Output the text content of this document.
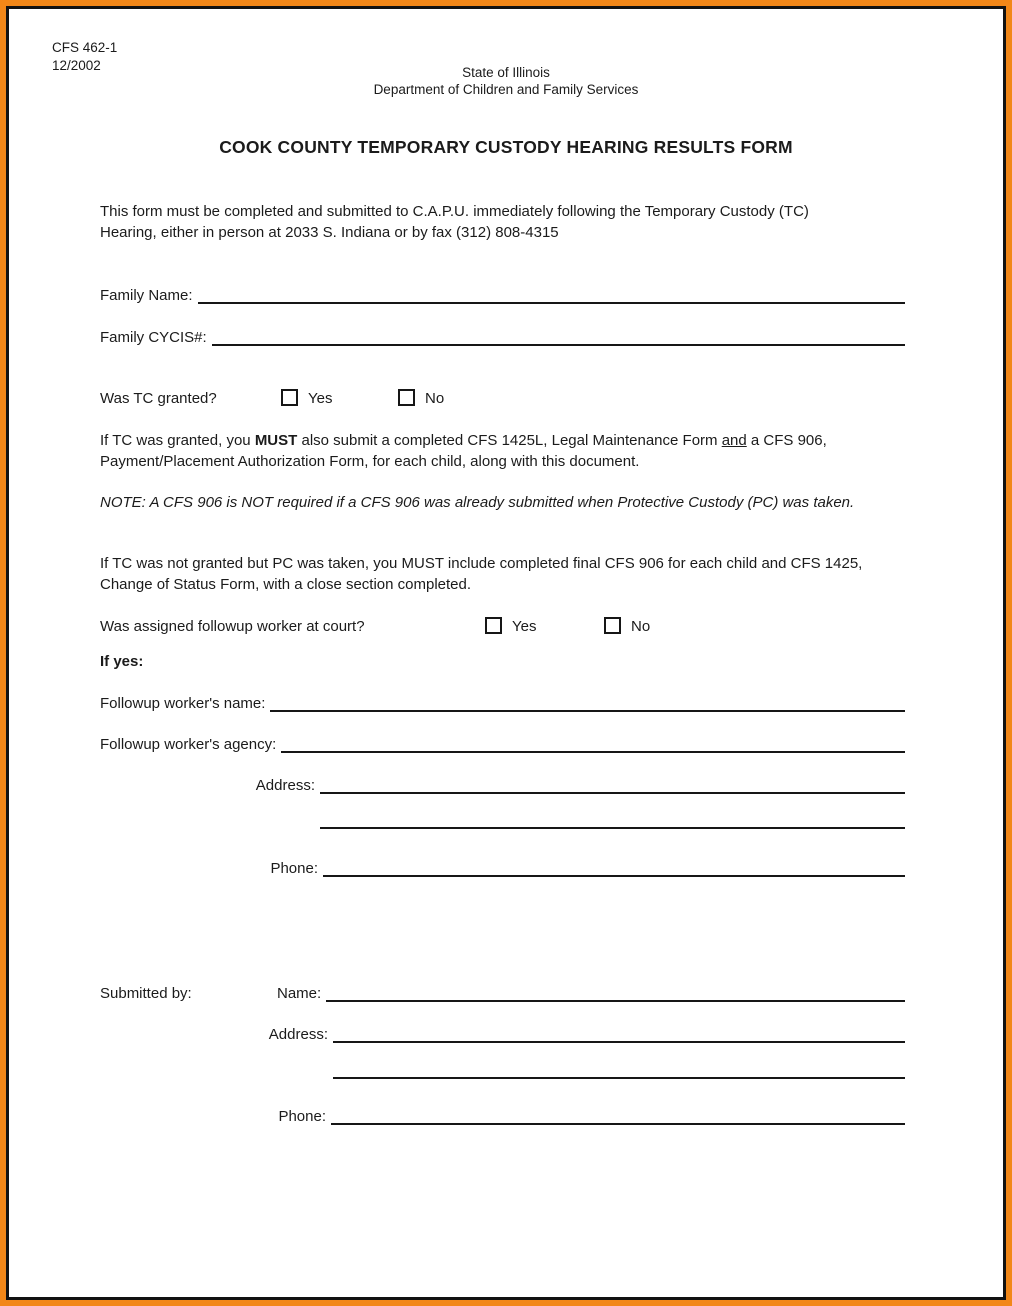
CFS 462-1
12/2002	State of Illinois
Department of Children and Family Services
COOK COUNTY TEMPORARY CUSTODY HEARING RESULTS FORM

This form must be completed and submitted to C.A.P.U. immediately following the Temporary Custody (TC) Hearing, either in person at 2033 S. Indiana or by fax (312) 808-4315

Family Name:
Family CYCIS#:
Was TC granted?	Yes	No

If TC was granted, you MUST also submit a completed CFS 1425L, Legal Maintenance Form and a CFS 906, Payment/Placement Authorization Form, for each child, along with this document.

NOTE: A CFS 906 is NOT required if a CFS 906 was already submitted when Protective Custody (PC) was taken.

If TC was not granted but PC was taken, you MUST include completed final CFS 906 for each child and CFS 1425, Change of Status Form, with a close section completed.

Was assigned followup worker at court?	Yes	No

If yes:

Followup worker's name:
Followup worker's agency:
Address:
Phone:
Submitted by:	Name:
Address:
Phone:
